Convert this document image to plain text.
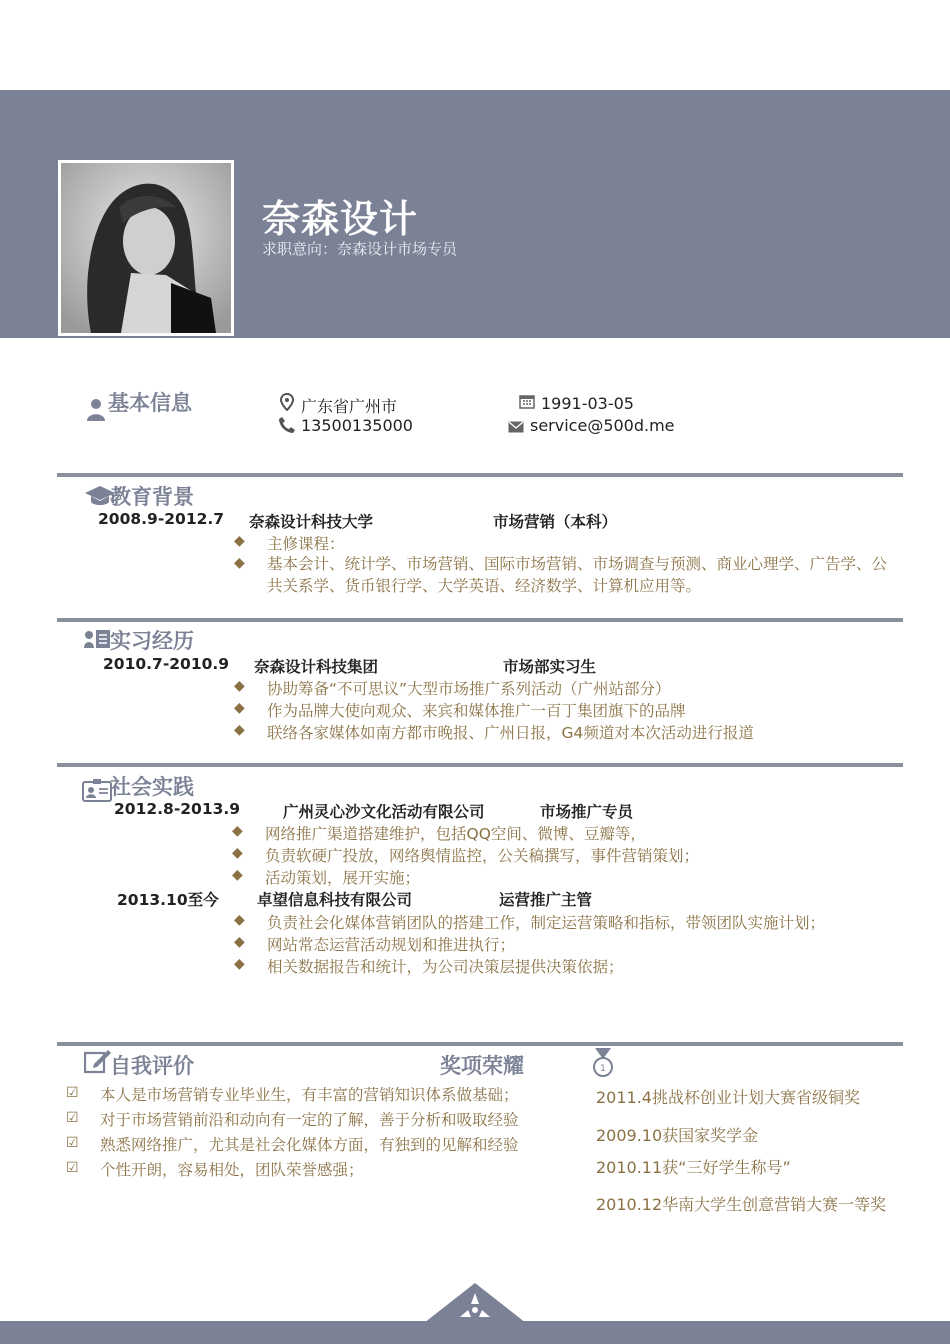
奈森设计
求职意向：奈森设计市场专员
基本信息	广东省广州市
13500135000
1991-03-05
service@500d.me
教育背景
2008.9-2012.7 奈森设计科技大学	市场营销（本科）
◆ 主修课程：
◆ 基本会计、统计学、市场营销、国际市场营销、市场调查与预测、商业心理学、广告学、公共关系学、货币银行学、大学英语、经济数学、计算机应用等。
实习经历
2010.7-2010.9 奈森设计科技集团	市场部实习生
◆ 协助筹备“不可思议”大型市场推广系列活动（广州站部分）
◆ 作为品牌大使向观众、来宾和媒体推广一百丁集团旗下的品牌
◆ 联络各家媒体如南方都市晚报、广州日报，G4频道对本次活动进行报道
社会实践
2012.8-2013.9	广州灵心沙文化活动有限公司	市场推广专员
◆ 网络推广渠道搭建维护，包括QQ空间、微博、豆瓣等，
◆ 负责软硬广投放，网络舆情监控，公关稿撰写，事件营销策划；
◆ 活动策划，展开实施；
2013.10至今 卓望信息科技有限公司	运营推广主管
◆ 负责社会化媒体营销团队的搭建工作，制定运营策略和指标，带领团队实施计划；
◆ 网站常态运营活动规划和推进执行；
◆ 相关数据报告和统计，为公司决策层提供决策依据；
自我评价	奖项荣耀	1
☑ 本人是市场营销专业毕业生，有丰富的营销知识体系做基础；
☑ 对于市场营销前沿和动向有一定的了解，善于分析和吸取经验
☑ 熟悉网络推广，尤其是社会化媒体方面，有独到的见解和经验
☑ 个性开朗，容易相处，团队荣誉感强；
2011.4挑战杯创业计划大赛省级铜奖
2009.10获国家奖学金
2010.11获“三好学生称号”
2010.12华南大学生创意营销大赛一等奖
